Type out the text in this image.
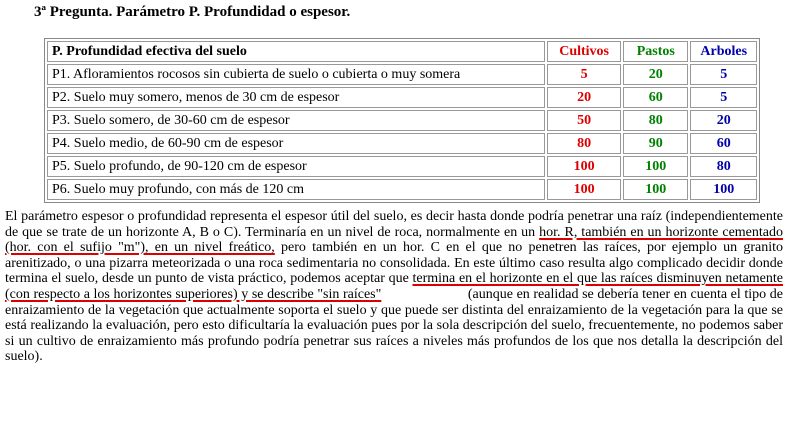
3ª Pregunta. Parámetro P. Profundidad o espesor.
P. Profundidad efectiva del suelo	Cultivos	Pastos	Arboles
P1. Afloramientos rocosos sin cubierta de suelo o cubierta o muy somera	5	20	5
P2. Suelo muy somero, menos de 30 cm de espesor	20	60	5
P3. Suelo somero, de 30-60 cm de espesor	50	80	20
P4. Suelo medio, de 60-90 cm de espesor	80	90	60
P5. Suelo profundo, de 90-120 cm de espesor	100	100	80
P6. Suelo muy profundo, con más de 120 cm	100	100	100
El parámetro espesor o profundidad representa el espesor útil del suelo, es decir hasta donde podría penetrar una raíz (independientemente de que se trate de un horizonte A, B o C). Terminaría en un nivel de roca, normalmente en un hor. R, también en un horizonte cementado (hor. con el sufijo "m"), en un nivel freático, pero también en un hor. C en el que no penetren las raíces, por ejemplo un granito arenitizado, o una pizarra meteorizada o una roca sedimentaria no consolidada. En este último caso resulta algo complicado decidir donde termina el suelo, desde un punto de vista práctico, podemos aceptar que termina en el horizonte en el que las raíces disminuyen netamente (con respecto a los horizontes superiores) y se describe "sin raíces"	(aunque en realidad se debería tener en cuenta el tipo de enraizamiento de la vegetación que actualmente soporta el suelo y que puede ser distinta del enraizamiento de la vegetación para la que se está realizando la evaluación, pero esto dificultaría la evaluación pues por la sola descripción del suelo, frecuentemente, no podemos saber si un cultivo de enraizamiento más profundo podría penetrar sus raíces a niveles más profundos de los que nos detalla la descripción del suelo).
